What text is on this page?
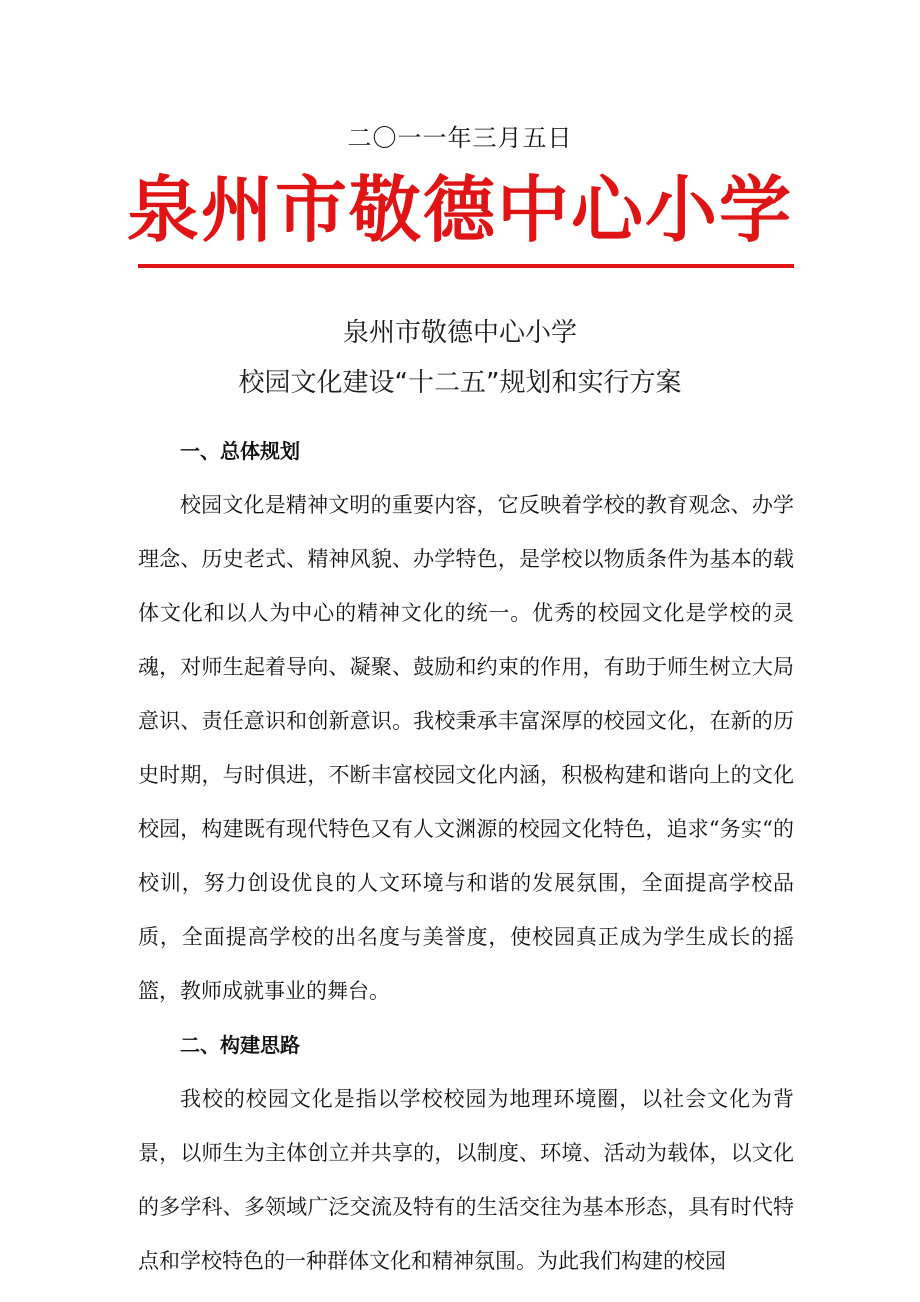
二〇一一年三月五日
泉州市敬德中心小学
泉州市敬德中心小学
校园文化建设“十二五”规划和实行方案

一、总体规划

校园文化是精神文明的重要内容，它反映着学校的教育观念、办学理念、历史老式、精神风貌、办学特色，是学校以物质条件为基本的载体文化和以人为中心的精神文化的统一。优秀的校园文化是学校的灵魂，对师生起着导向、凝聚、鼓励和约束的作用，有助于师生树立大局意识、责任意识和创新意识。我校秉承丰富深厚的校园文化，在新的历史时期，与时俱进，不断丰富校园文化内涵，积极构建和谐向上的文化校园，构建既有现代特色又有人文渊源的校园文化特色，追求“务实“的校训，努力创设优良的人文环境与和谐的发展氛围，全面提高学校品质，全面提高学校的出名度与美誉度，使校园真正成为学生成长的摇篮，教师成就事业的舞台。

二、构建思路

我校的校园文化是指以学校校园为地理环境圈，以社会文化为背景，以师生为主体创立并共享的，以制度、环境、活动为载体，以文化的多学科、多领域广泛交流及特有的生活交往为基本形态，具有时代特点和学校特色的一种群体文化和精神氛围。为此我们构建的校园
